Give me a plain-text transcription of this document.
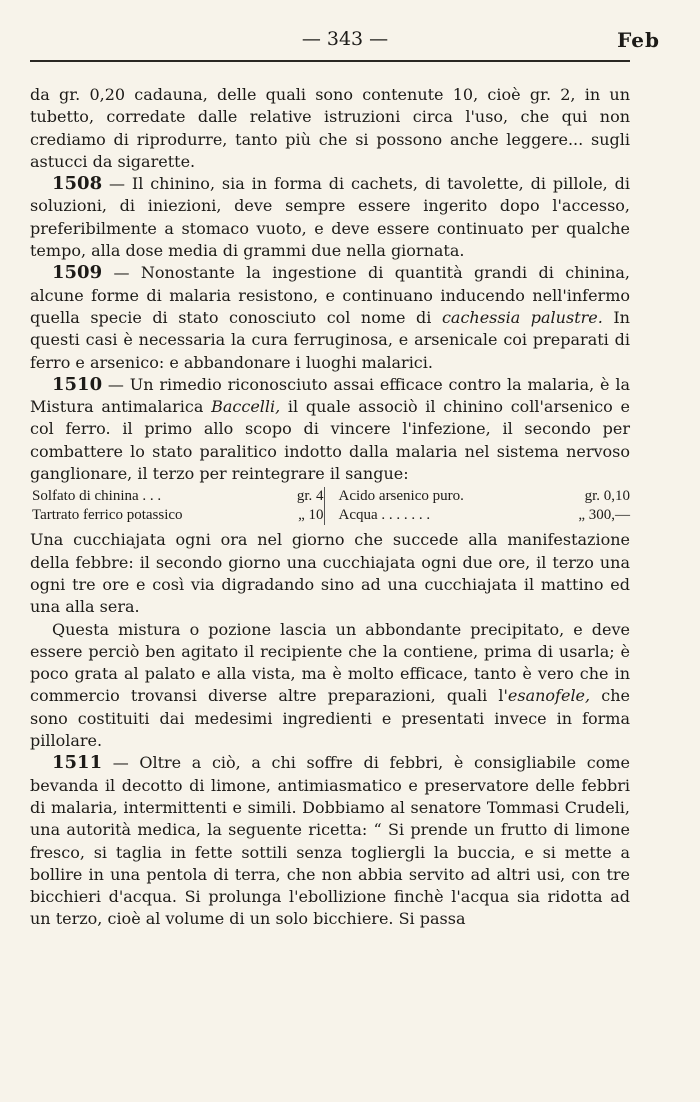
— 343 —	Feb

da gr. 0,20 cadauna, delle quali sono contenute 10, cioè gr. 2, in un tubetto, corredate dalle relative istruzioni circa l'uso, che qui non crediamo di riprodurre, tanto più che si possono anche leggere... sugli astucci da sigarette.

1508 — Il chinino, sia in forma di cachets, di tavolette, di pillole, di soluzioni, di iniezioni, deve sempre essere ingerito dopo l'accesso, preferibilmente a stomaco vuoto, e deve essere continuato per qualche tempo, alla dose media di grammi due nella giornata.

1509 — Nonostante la ingestione di quantità grandi di chinina, alcune forme di malaria resistono, e continuano inducendo nell'infermo quella specie di stato conosciuto col nome di cachessia palustre. In questi casi è necessaria la cura ferruginosa, e arsenicale coi preparati di ferro e arsenico: e abbandonare i luoghi malarici.

1510 — Un rimedio riconosciuto assai efficace contro la malaria, è la Mistura antimalarica Baccelli, il quale associò il chinino coll'arsenico e col ferro. il primo allo scopo di vincere l'infezione, il secondo per combattere lo stato paralitico indotto dalla malaria nel sistema nervoso ganglionare, il terzo per reintegrare il sangue:

Solfato di chinina . . .	gr. 4
Tartrato ferrico potassico	„ 10
Acido arsenico puro.	gr. 0,10
Acqua . . . . . . .	„ 300,—

Una cucchiajata ogni ora nel giorno che succede alla manifestazione della febbre: il secondo giorno una cucchiajata ogni due ore, il terzo una ogni tre ore e così via digradando sino ad una cucchiajata il mattino ed una alla sera.

Questa mistura o pozione lascia un abbondante precipitato, e deve essere perciò ben agitato il recipiente che la contiene, prima di usarla; è poco grata al palato e alla vista, ma è molto efficace, tanto è vero che in commercio trovansi diverse altre preparazioni, quali l'esanofele, che sono costituiti dai medesimi ingredienti e presentati invece in forma pillolare.

1511 — Oltre a ciò, a chi soffre di febbri, è consigliabile come bevanda il decotto di limone, antimiasmatico e preservatore delle febbri di malaria, intermittenti e simili. Dobbiamo al senatore Tommasi Crudeli, una autorità medica, la seguente ricetta: “ Si prende un frutto di limone fresco, si taglia in fette sottili senza togliergli la buccia, e si mette a bollire in una pentola di terra, che non abbia servito ad altri usi, con tre bicchieri d'acqua. Si prolunga l'ebollizione finchè l'acqua sia ridotta ad un terzo, cioè al volume di un solo bicchiere. Si passa
